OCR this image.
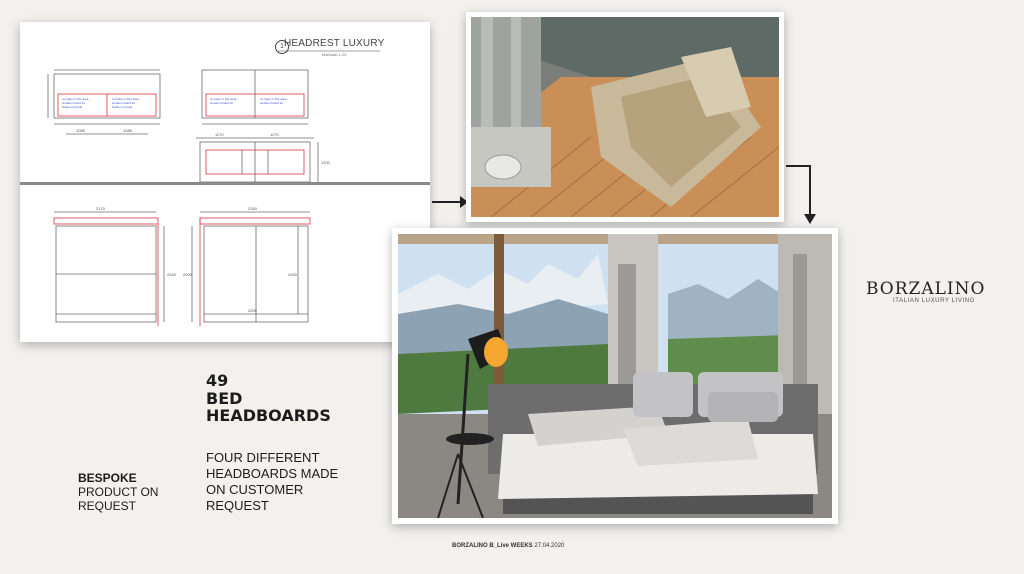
1 HEADREST LUXURY
Maßstab 1:25
no foam in this area -
wooden board for
fixation of beds
no foam in this area -
wooden board for
fixation of beds
1085	1085
no foam in this area -
wooden board for
no foam in this area -
wooden board for
1170	1170
1200
2170
2340
2340
2000	2000
2200
49
BED
HEADBOARDS
FOUR DIFFERENT
HEADBOARDS MADE
ON CUSTOMER
REQUEST
BESPOKE
PRODUCT ON
REQUEST
BORZALINO
ITALIAN LUXURY LIVING
BORZALINO B_Live WEEKS 27.04.2020
